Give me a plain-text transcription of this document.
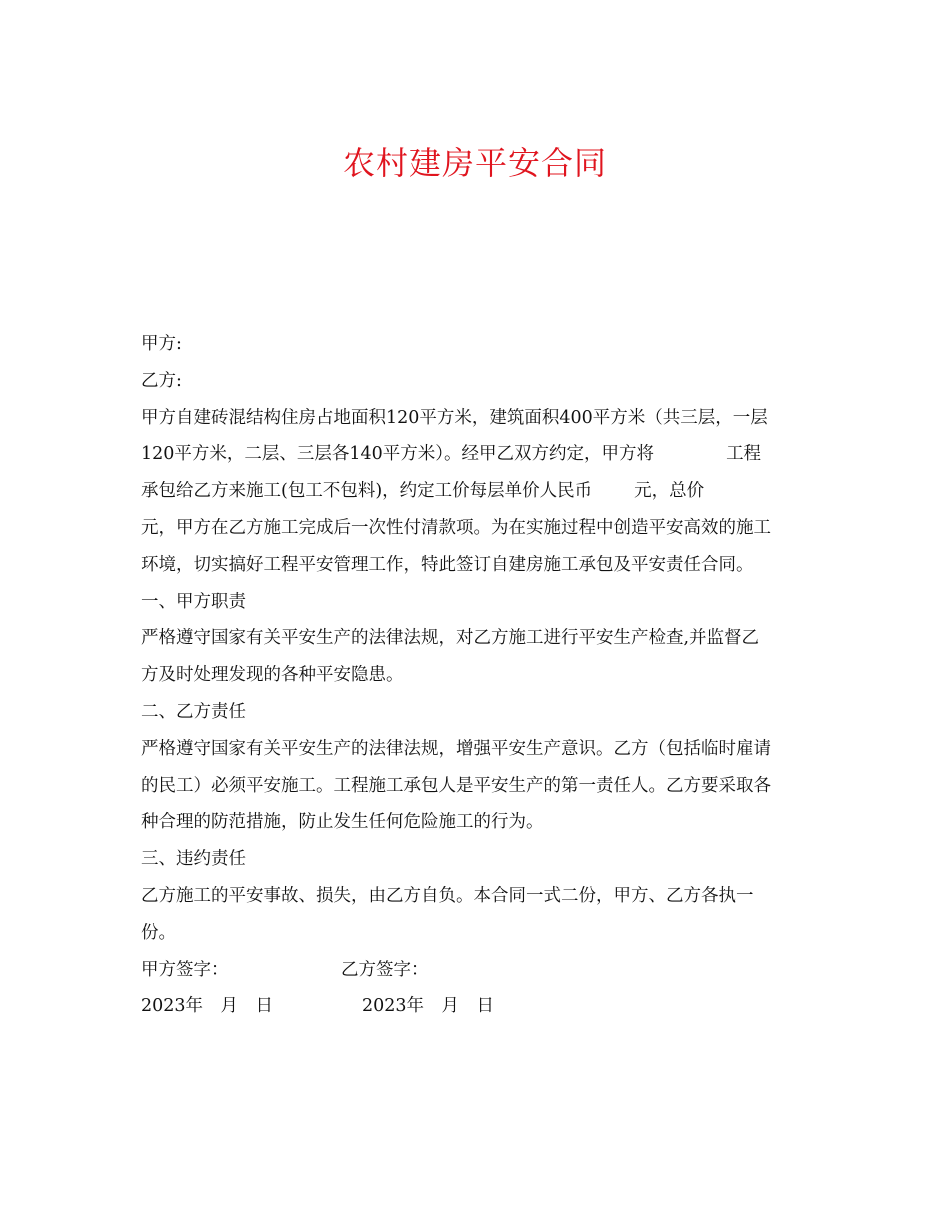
农村建房平安合同
甲方:
乙方:
甲方自建砖混结构住房占地面积120平方米，建筑面积400平方米（共三层，一层
120平方米，二层、三层各140平方米）。经甲乙双方约定，甲方将	工程
承包给乙方来施工(包工不包料)，约定工价每层单价人民币 元，总价
元，甲方在乙方施工完成后一次性付清款项。为在实施过程中创造平安高效的施工
环境，切实搞好工程平安管理工作，特此签订自建房施工承包及平安责任合同。
一、甲方职责
严格遵守国家有关平安生产的法律法规，对乙方施工进行平安生产检查,并监督乙
方及时处理发现的各种平安隐患。
二、乙方责任
严格遵守国家有关平安生产的法律法规，增强平安生产意识。乙方（包括临时雇请
的民工）必须平安施工。工程施工承包人是平安生产的第一责任人。乙方要采取各
种合理的防范措施，防止发生任何危险施工的行为。
三、违约责任
乙方施工的平安事故、损失，由乙方自负。本合同一式二份，甲方、乙方各执一
份。
甲方签字：	乙方签字：
2023年　月　日	2023年　月　日
